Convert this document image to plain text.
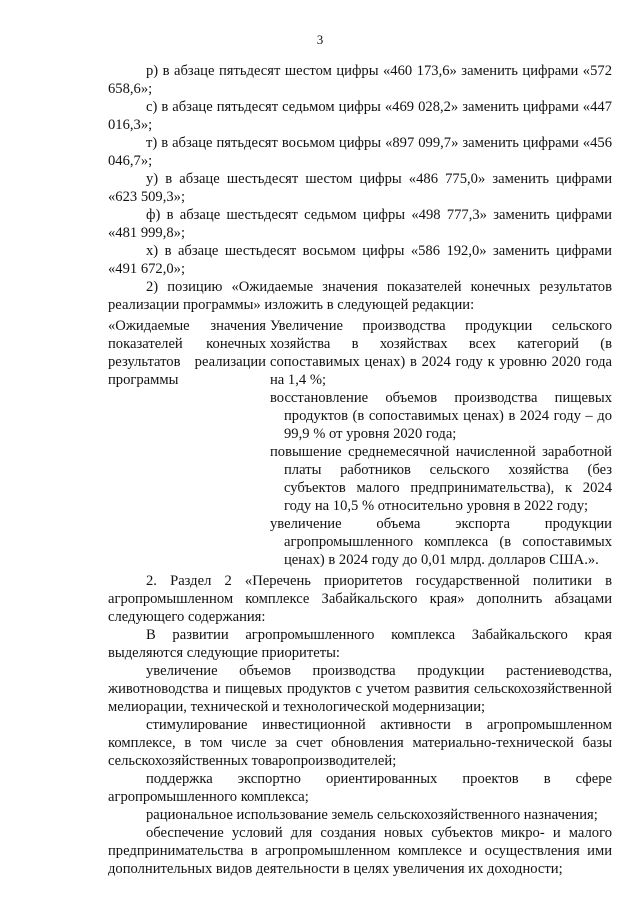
3

р) в абзаце пятьдесят шестом цифры «460 173,6» заменить цифрами «572 658,6»;

с) в абзаце пятьдесят седьмом цифры «469 028,2» заменить цифрами «447 016,3»;

т) в абзаце пятьдесят восьмом цифры «897 099,7» заменить цифрами «456 046,7»;

у) в абзаце шестьдесят шестом цифры «486 775,0» заменить цифрами «623 509,3»;

ф) в абзаце шестьдесят седьмом цифры «498 777,3» заменить цифрами «481 999,8»;

х) в абзаце шестьдесят восьмом цифры «586 192,0» заменить цифрами «491 672,0»;

2) позицию «Ожидаемые значения показателей конечных результатов реализации программы» изложить в следующей редакции:

«Ожидаемые значения показателей конечных результатов реализации программы

Увеличение производства продукции сельского хозяйства в хозяйствах всех категорий (в сопоставимых ценах) в 2024 году к уровню 2020 года на 1,4 %;

восстановление объемов производства пищевых продуктов (в сопоставимых ценах) в 2024 году – до 99,9 % от уровня 2020 года;

повышение среднемесячной начисленной заработной платы работников сельского хозяйства (без субъектов малого предпринимательства), к 2024 году на 10,5 % относительно уровня в 2022 году;

увеличение объема экспорта продукции агропромышленного комплекса (в сопоставимых ценах) в 2024 году до 0,01 млрд. долларов США.».

2. Раздел 2 «Перечень приоритетов государственной политики в агропромышленном комплексе Забайкальского края» дополнить абзацами следующего содержания:

В развитии агропромышленного комплекса Забайкальского края выделяются следующие приоритеты:

увеличение объемов производства продукции растениеводства, животноводства и пищевых продуктов с учетом развития сельскохозяйственной мелиорации, технической и технологической модернизации;

стимулирование инвестиционной активности в агропромышленном комплексе, в том числе за счет обновления материально-технической базы сельскохозяйственных товаропроизводителей;

поддержка экспортно ориентированных проектов в сфере агропромышленного комплекса;

рациональное использование земель сельскохозяйственного назначения;

обеспечение условий для создания новых субъектов микро- и малого предпринимательства в агропромышленном комплексе и осуществления ими дополнительных видов деятельности в целях увеличения их доходности;
